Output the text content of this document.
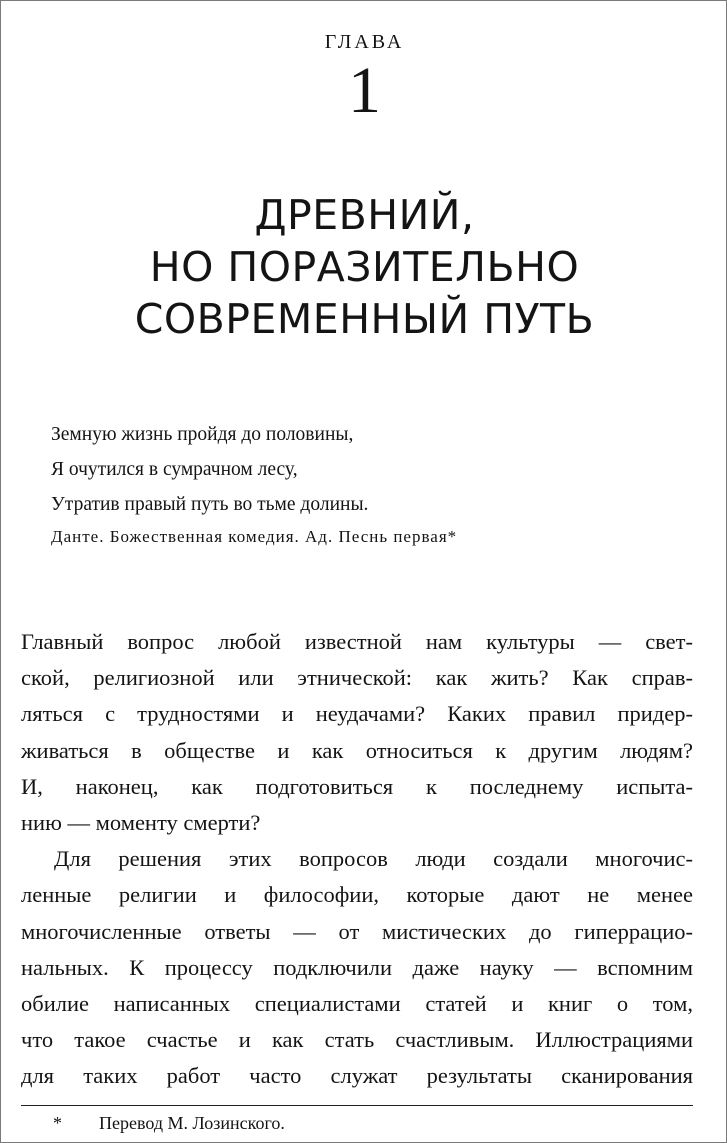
ГЛАВА
1
ДРЕВНИЙ,
НО ПОРАЗИТЕЛЬНО
СОВРЕМЕННЫЙ ПУТЬ
Земную жизнь пройдя до половины,
Я очутился в сумрачном лесу,
Утратив правый путь во тьме долины.
Данте. Божественная комедия. Ад. Песнь первая*
Главный вопрос любой известной нам культуры — свет-
ской, религиозной или этнической: как жить? Как справ-
ляться с трудностями и неудачами? Каких правил придер-
живаться в обществе и как относиться к другим людям?
И, наконец, как подготовиться к последнему испыта-
нию — моменту смерти?
Для решения этих вопросов люди создали многочис-
ленные религии и философии, которые дают не менее
многочисленные ответы — от мистических до гиперрацио-
нальных. К процессу подключили даже науку — вспомним
обилие написанных специалистами статей и книг о том,
что такое счастье и как стать счастливым. Иллюстрациями
для таких работ часто служат результаты сканирования
* Перевод М. Лозинского.
